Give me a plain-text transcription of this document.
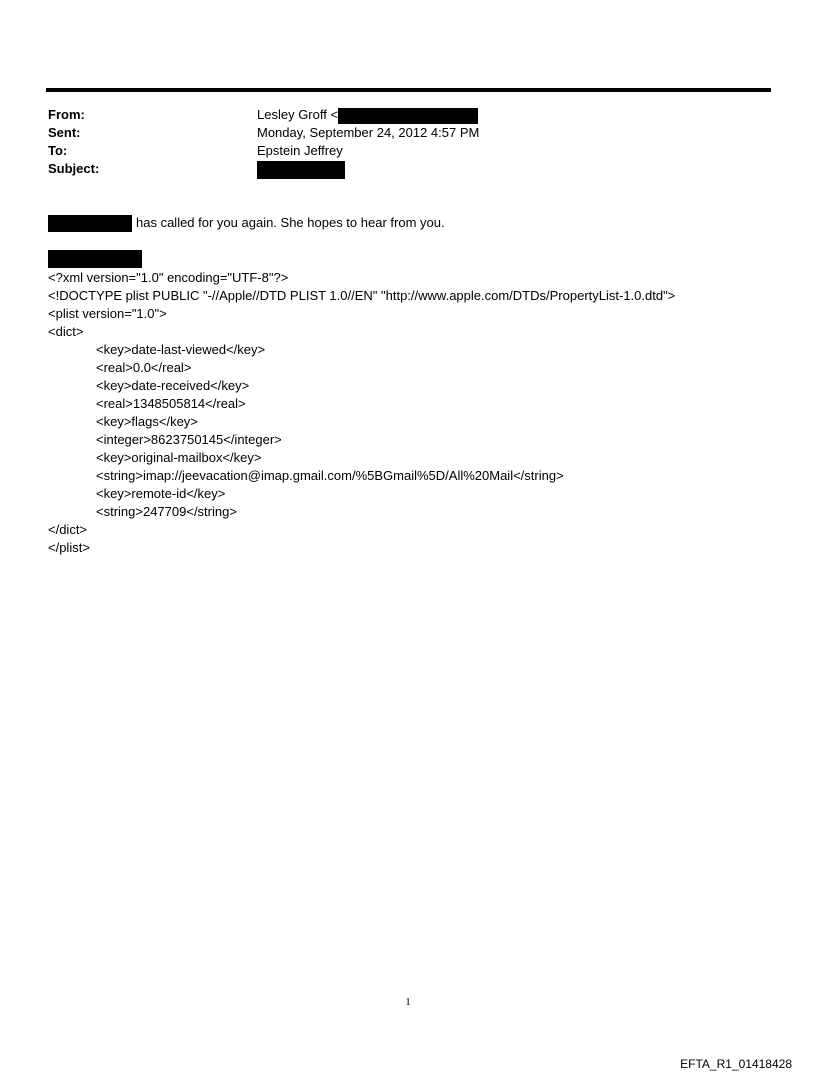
From:	Lesley Groff <
Sent:	Monday, September 24, 2012 4:57 PM
To:	Epstein Jeffrey
Subject:
has called for you again. She hopes to hear from you.
<?xml version="1.0" encoding="UTF-8"?>
<!DOCTYPE plist PUBLIC "-//Apple//DTD PLIST 1.0//EN" "http://www.apple.com/DTDs/PropertyList-1.0.dtd">
<plist version="1.0">
<dict>
<key>date-last-viewed</key>
<real>0.0</real>
<key>date-received</key>
<real>1348505814</real>
<key>flags</key>
<integer>8623750145</integer>
<key>original-mailbox</key>
<string>imap://jeevacation@imap.gmail.com/%5BGmail%5D/All%20Mail</string>
<key>remote-id</key>
<string>247709</string>
</dict>
</plist>
1
EFTA_R1_01418428
